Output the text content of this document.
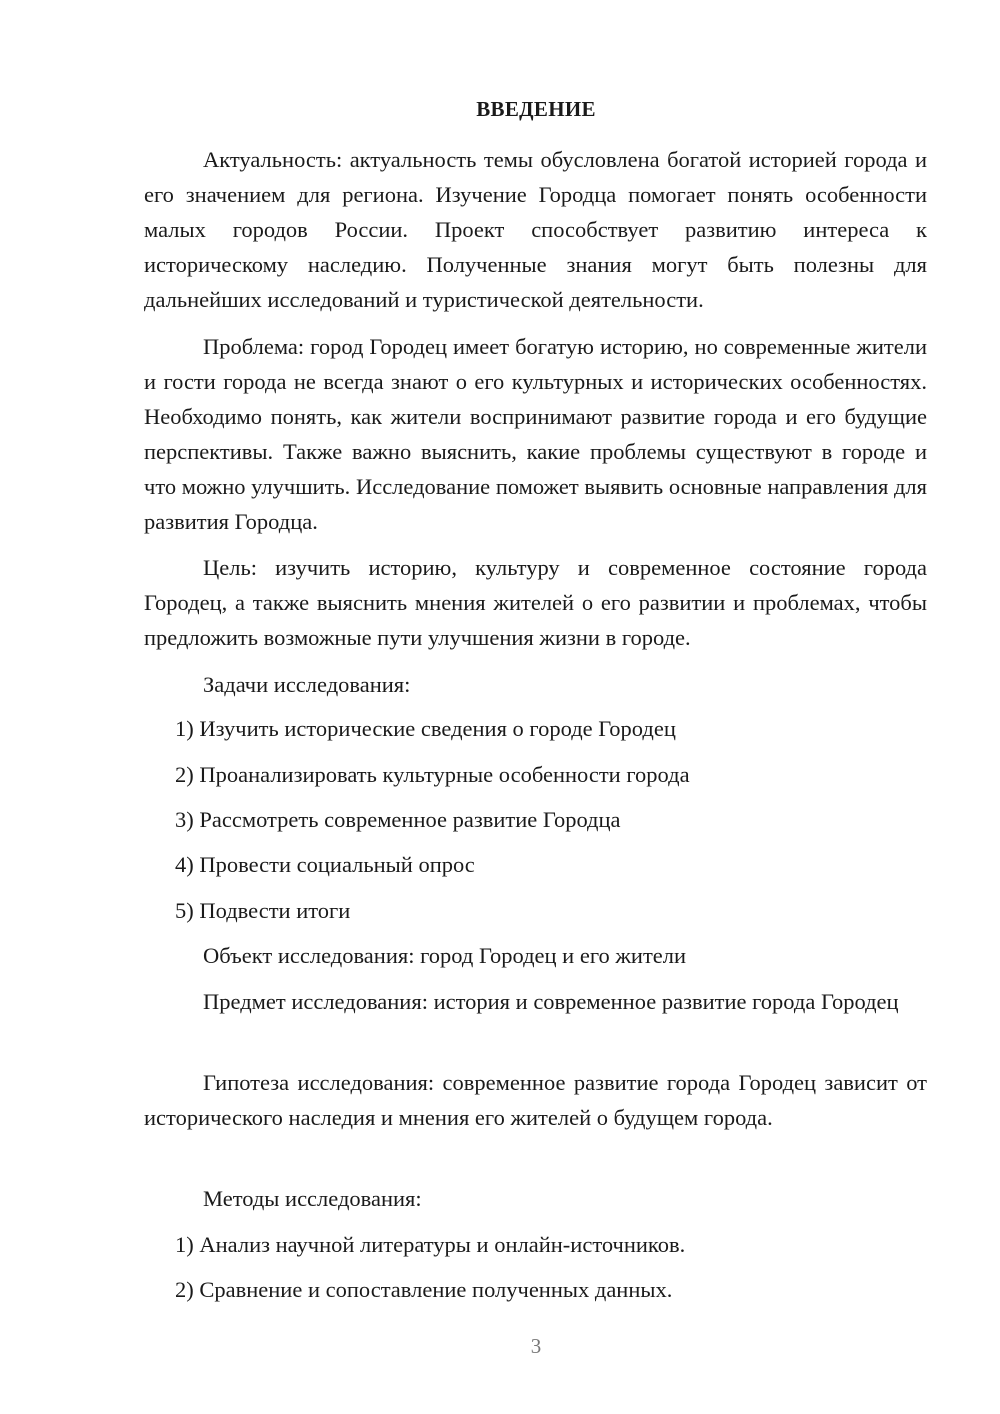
ВВЕДЕНИЕ
Актуальность: актуальность темы обусловлена богатой историей города и его значением для региона. Изучение Городца помогает понять особенности малых городов России. Проект способствует развитию интереса к историческому наследию. Полученные знания могут быть полезны для дальнейших исследований и туристической деятельности.
Проблема: город Городец имеет богатую историю, но современные жители и гости города не всегда знают о его культурных и исторических особенностях. Необходимо понять, как жители воспринимают развитие города и его будущие перспективы. Также важно выяснить, какие проблемы существуют в городе и что можно улучшить. Исследование поможет выявить основные направления для развития Городца.
Цель: изучить историю, культуру и современное состояние города Городец, а также выяснить мнения жителей о его развитии и проблемах, чтобы предложить возможные пути улучшения жизни в городе.
Задачи исследования:
1) Изучить исторические сведения о городе Городец
2) Проанализировать культурные особенности города
3) Рассмотреть современное развитие Городца
4) Провести социальный опрос
5) Подвести итоги
Объект исследования: город Городец и его жители
Предмет исследования: история и современное развитие города Городец
Гипотеза исследования: современное развитие города Городец зависит от исторического наследия и мнения его жителей о будущем города.
Методы исследования:
1) Анализ научной литературы и онлайн-источников.
2) Сравнение и сопоставление полученных данных.
3
